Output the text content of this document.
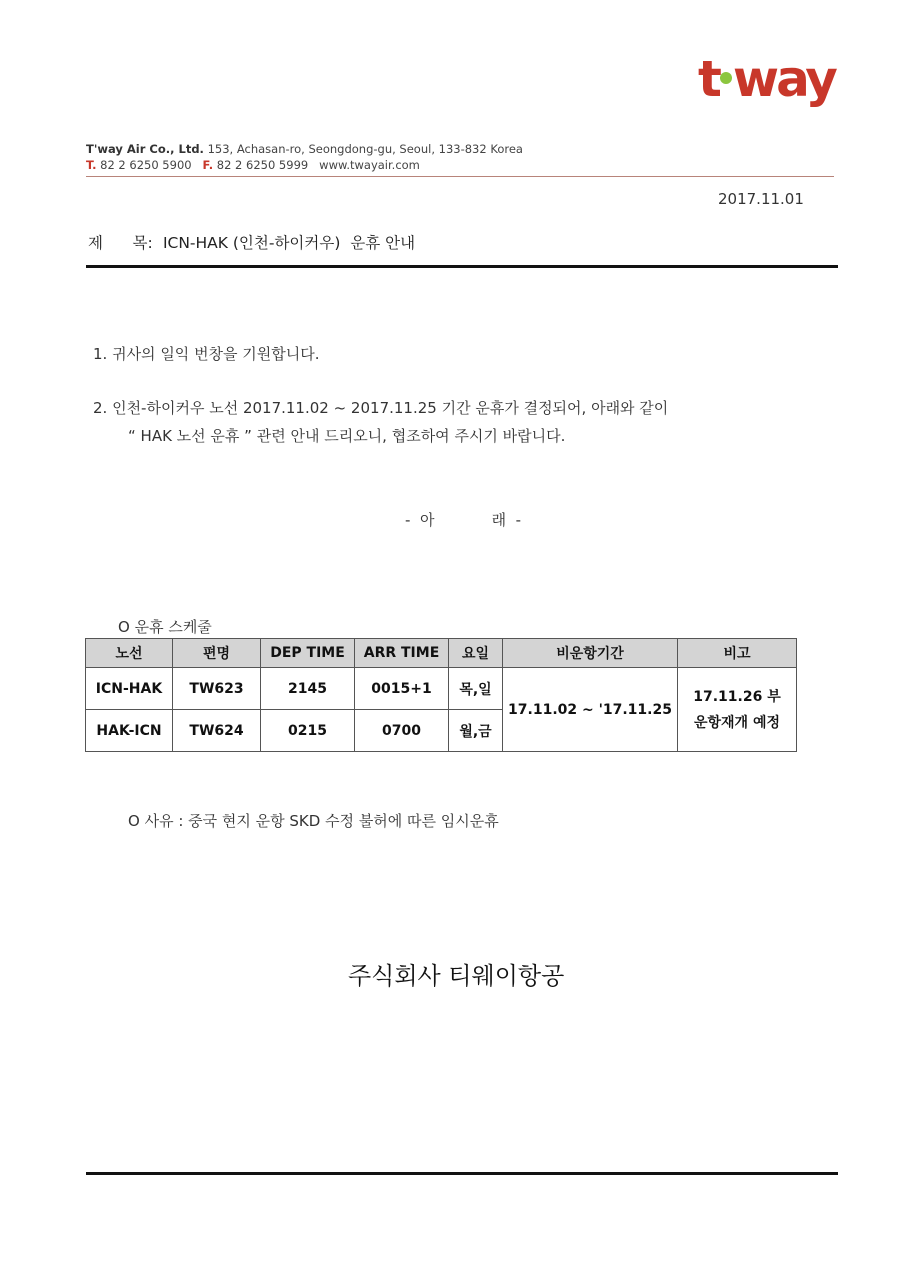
t way
T'way Air Co., Ltd. 153, Achasan-ro, Seongdong-gu, Seoul, 133-832 Korea
T. 82 2 6250 5900 F. 82 2 6250 5999 www.twayair.com
2017.11.01
제      목: ICN-HAK (인천-하이커우)  운휴 안내
1. 귀사의 일익 번창을 기원합니다.
2. 인천-하이커우 노선 2017.11.02 ~ 2017.11.25 기간 운휴가 결정되어, 아래와 같이
“ HAK 노선 운휴 ” 관련 안내 드리오니, 협조하여 주시기 바랍니다.
-  아            래  -
O 운휴 스케줄
노선	편명	DEP TIME	ARR TIME	요일	비운항기간	비고
ICN-HAK	TW623	2145	0015+1	목,일	17.11.02 ~ '17.11.25	17.11.26 부
운항재개 예정
HAK-ICN	TW624	0215	0700	월,금		
O 사유 : 중국 현지 운항 SKD 수정 불허에 따른 임시운휴
주식회사 티웨이항공
